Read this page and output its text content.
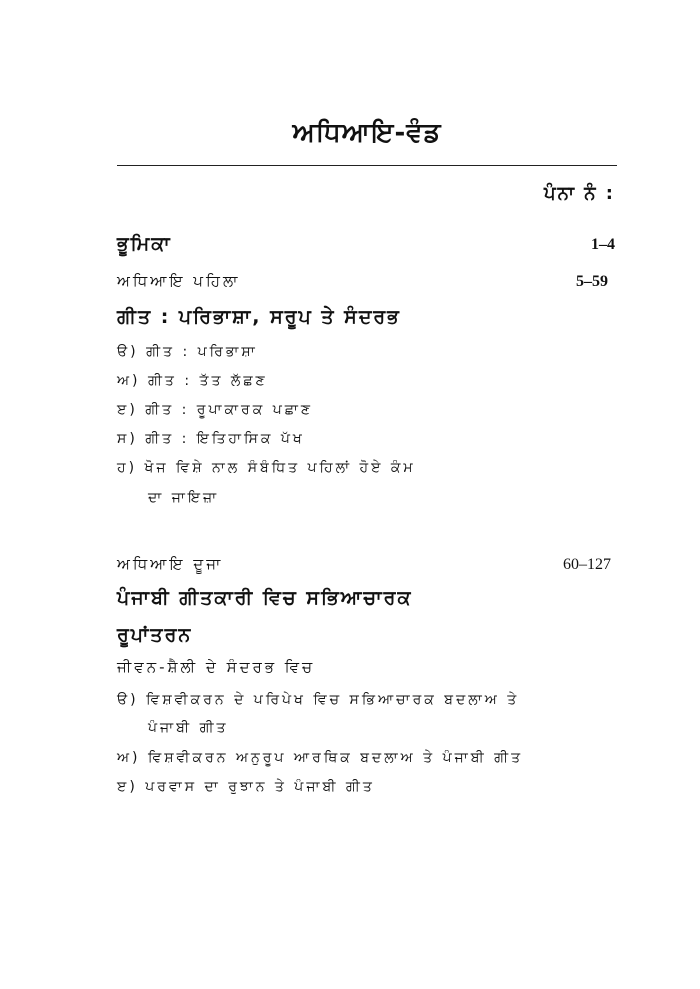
ਅਧਿਆਇ-ਵੰਡ
ਪੰਨਾ ਨੰ :
ਭੂਮਿਕਾ	1–4
ਅਧਿਆਇ ਪਹਿਲਾ	5–59
ਗੀਤ : ਪਰਿਭਾਸ਼ਾ, ਸਰੂਪ ਤੇ ਸੰਦਰਭ
ੳ) ਗੀਤ : ਪਰਿਭਾਸ਼ਾ
ਅ) ਗੀਤ : ਤੱਤ ਲੱਛਣ
ੲ) ਗੀਤ : ਰੂਪਾਕਾਰਕ ਪਛਾਣ
ਸ) ਗੀਤ : ਇਤਿਹਾਸਿਕ ਪੱਖ
ਹ) ਖੋਜ ਵਿਸ਼ੇ ਨਾਲ ਸੰਬੰਧਿਤ ਪਹਿਲਾਂ ਹੋਏ ਕੰਮ
ਦਾ ਜਾਇਜ਼ਾ
ਅਧਿਆਇ ਦੂਜਾ	60–127
ਪੰਜਾਬੀ ਗੀਤਕਾਰੀ ਵਿਚ ਸਭਿਆਚਾਰਕ
ਰੂਪਾਂਤਰਨ
ਜੀਵਨ-ਸ਼ੈਲੀ ਦੇ ਸੰਦਰਭ ਵਿਚ
ੳ) ਵਿਸ਼ਵੀਕਰਨ ਦੇ ਪਰਿਪੇਖ ਵਿਚ ਸਭਿਆਚਾਰਕ ਬਦਲਾਅ ਤੇ
ਪੰਜਾਬੀ ਗੀਤ
ਅ) ਵਿਸ਼ਵੀਕਰਨ ਅਨੁਰੂਪ ਆਰਥਿਕ ਬਦਲਾਅ ਤੇ ਪੰਜਾਬੀ ਗੀਤ
ੲ) ਪਰਵਾਸ ਦਾ ਰੁਝਾਨ ਤੇ ਪੰਜਾਬੀ ਗੀਤ
